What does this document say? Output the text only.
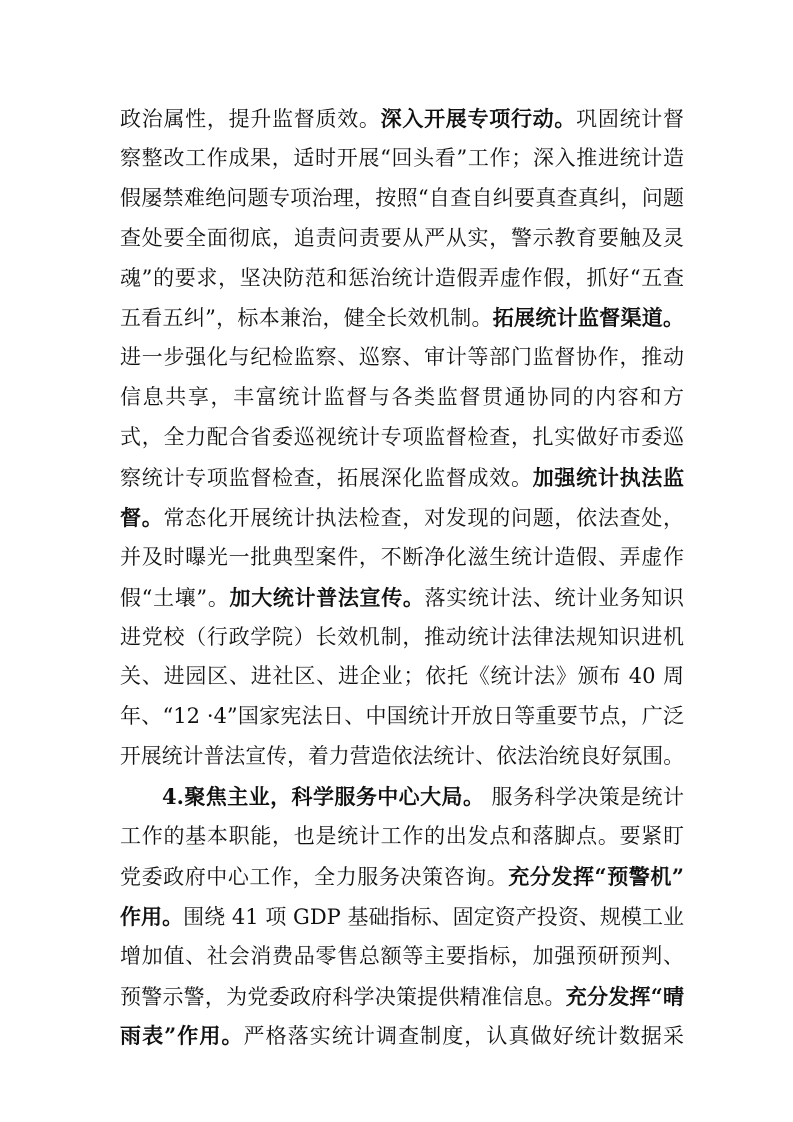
政治属性，提升监督质效。深入开展专项行动。巩固统计督
察整改工作成果，适时开展“回头看”工作；深入推进统计造
假屡禁难绝问题专项治理，按照“自查自纠要真查真纠，问题
查处要全面彻底，追责问责要从严从实，警示教育要触及灵
魂”的要求，坚决防范和惩治统计造假弄虚作假，抓好“五查
五看五纠”，标本兼治，健全长效机制。拓展统计监督渠道。
进一步强化与纪检监察、巡察、审计等部门监督协作，推动
信息共享，丰富统计监督与各类监督贯通协同的内容和方
式，全力配合省委巡视统计专项监督检查，扎实做好市委巡
察统计专项监督检查，拓展深化监督成效。加强统计执法监
督。常态化开展统计执法检查，对发现的问题，依法查处，
并及时曝光一批典型案件，不断净化滋生统计造假、弄虚作
假“土壤”。加大统计普法宣传。落实统计法、统计业务知识
进党校（行政学院）长效机制，推动统计法律法规知识进机
关、进园区、进社区、进企业；依托《统计法》颁布 40 周
年、“12 ·4”国家宪法日、中国统计开放日等重要节点，广泛
开展统计普法宣传，着力营造依法统计、依法治统良好氛围。
4.聚焦主业，科学服务中心大局。 服务科学决策是统计
工作的基本职能，也是统计工作的出发点和落脚点。要紧盯
党委政府中心工作，全力服务决策咨询。充分发挥“预警机”
作用。围绕 41 项 GDP 基础指标、固定资产投资、规模工业
增加值、社会消费品零售总额等主要指标，加强预研预判、
预警示警，为党委政府科学决策提供精准信息。充分发挥“晴
雨表”作用。严格落实统计调查制度，认真做好统计数据采
